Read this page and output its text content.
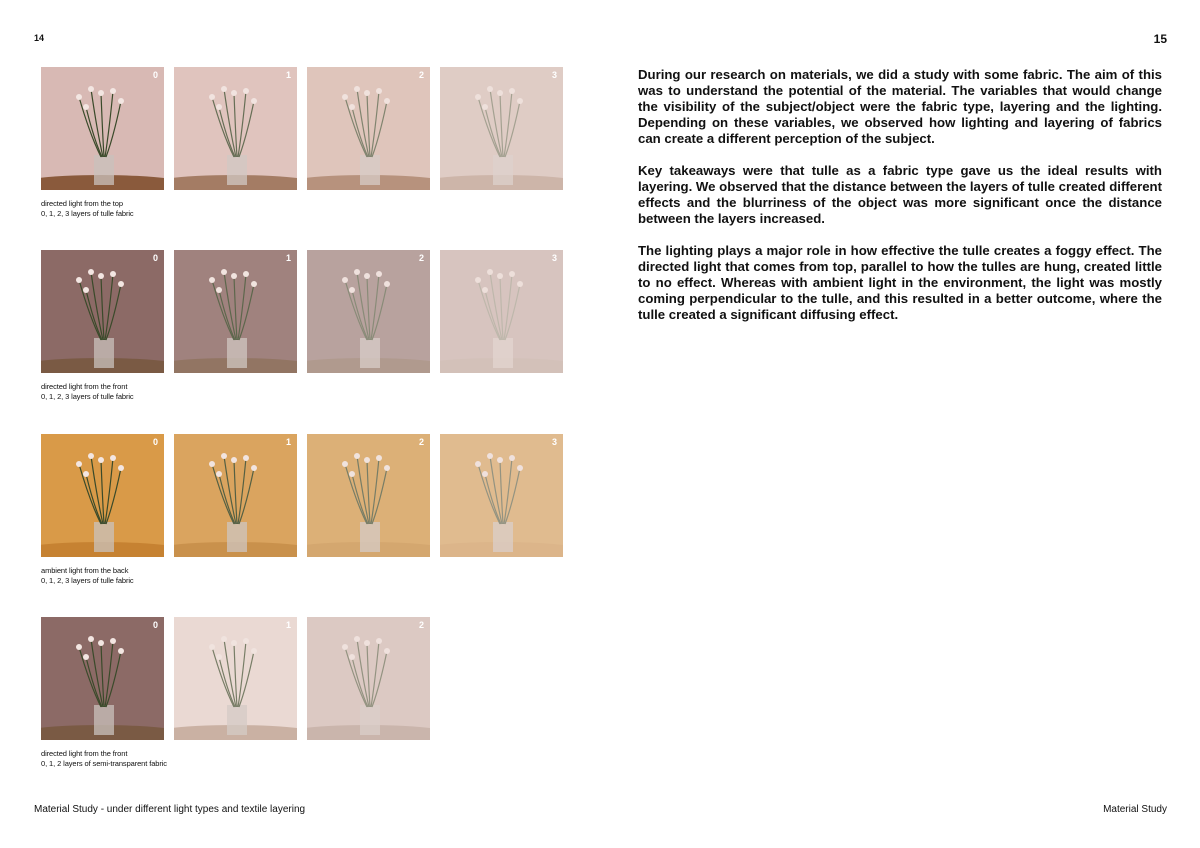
14	15
0	1	2	3
directed light from the top
0, 1, 2, 3 layers of tulle fabric
0	1	2	3
directed light from the front
0, 1, 2, 3 layers of tulle fabric
0	1	2	3
ambient light from the back
0, 1, 2, 3 layers of tulle fabric
0	1	2
directed light from the front
0, 1, 2 layers of semi-transparent fabric

During our research on materials, we did a study with some fabric. The aim of this was to understand the potential of the material. The variables that would change the visibility of the subject/object were the fabric type, layering and the lighting. Depending on these variables, we observed how lighting and layering of fabrics can create a different perception of the subject.

Key takeaways were that tulle as a fabric type gave us the ideal results with layering. We observed that the distance between the layers of tulle created different effects and the blurriness of the object was more significant once the distance between the layers increased.

The lighting plays a major role in how effective the tulle creates a foggy effect. The directed light that comes from top, parallel to how the tulles are hung, created little to no effect. Whereas with ambient light in the environment, the light was mostly coming perpendicular to the tulle, and this resulted in a better outcome, where the tulle created a significant diffusing effect.

Material Study - under different light types and textile layering	Material Study
